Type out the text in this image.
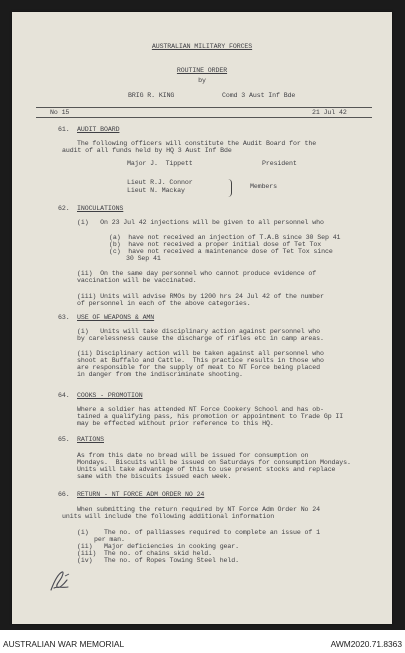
AUSTRALIAN MILITARY FORCES
ROUTINE ORDER
by
BRIG R. KING	Comd 3 Aust Inf Bde
No 15	21 Jul 42
61. AUDIT BOARD
The following officers will constitute the Audit Board for the
audit of all funds held by HQ 3 Aust Inf Bde
Major J.  Tippett	President
Lieut R.J. Connor
Lieut N. Mackay
Members
62. INOCULATIONS
(i)   On 23 Jul 42 injections will be given to all personnel who
(a)  have not received an injection of T.A.B since 30 Sep 41
(b)  have not received a proper initial dose of Tet Tox
(c)  have not received a maintenance dose of Tet Tox since
30 Sep 41
(ii)  On the same day personnel who cannot produce evidence of
vaccination will be vaccinated.
(iii) Units will advise RMOs by 1200 hrs 24 Jul 42 of the number
of personnel in each of the above categories.
63. USE OF WEAPONS & AMN
(i)   Units will take disciplinary action against personnel who
by carelessness cause the discharge of rifles etc in camp areas.
(ii) Disciplinary action will be taken against all personnel who
shoot at Buffalo and Cattle.  This practice results in those who
are responsible for the supply of meat to NT Force being placed
in danger from the indiscriminate shooting.
64. COOKS - PROMOTION
Where a soldier has attended NT Force Cookery School and has ob-
tained a qualifying pass, his promotion or appointment to Trade Gp II
may be effected without prior reference to this HQ.
65. RATIONS
As from this date no bread will be issued for consumption on
Mondays.  Biscuits will be issued on Saturdays for consumption Mondays.
Units will take advantage of this to use present stocks and replace
same with the biscuits issued each week.
66. RETURN - NT FORCE ADM ORDER NO 24
When submitting the return required by NT Force Adm Order No 24
units will include the following additional information
(i)    The no. of palliasses required to complete an issue of 1
per man.
(ii)   Major deficiencies in cooking gear.
(iii)  The no. of chains skid held.
(iv)   The no. of Ropes Towing Steel held.
AUSTRALIAN WAR MEMORIAL	AWM2020.71.8363
